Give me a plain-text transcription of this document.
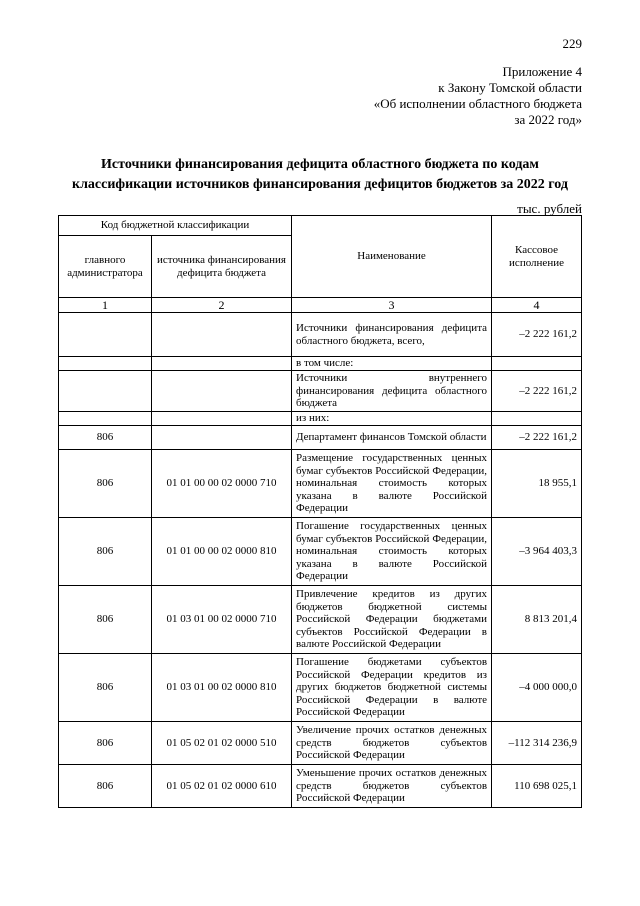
229
Приложение 4
к Закону Томской области
«Об исполнении областного бюджета
за 2022 год»
Источники финансирования дефицита областного бюджета по кодам
классификации источников финансирования дефицитов бюджетов за 2022 год
тыс. рублей
Код бюджетной классификации		Наименование	Кассовое исполнение
главного администратора	источника финансирования дефицита бюджета		
1	2	3	4
		Источники финансирования дефицита областного бюджета, всего,	–2 222 161,2
		в том числе:	
		Источники внутреннего финансирования дефицита областного бюджета	–2 222 161,2
		из них:	
806		Департамент финансов Томской области	–2 222 161,2
806	01 01 00 00 02 0000 710	Размещение государственных ценных бумаг субъектов Российской Федерации, номинальная стоимость которых указана в валюте Российской Федерации	18 955,1
806	01 01 00 00 02 0000 810	Погашение государственных ценных бумаг субъектов Российской Федерации, номинальная стоимость которых указана в валюте Российской Федерации	–3 964 403,3
806	01 03 01 00 02 0000 710	Привлечение кредитов из других бюджетов бюджетной системы Российской Федерации бюджетами субъектов Российской Федерации в валюте Российской Федерации	8 813 201,4
806	01 03 01 00 02 0000 810	Погашение бюджетами субъектов Российской Федерации кредитов из других бюджетов бюджетной системы Российской Федерации в валюте Российской Федерации	–4 000 000,0
806	01 05 02 01 02 0000 510	Увеличение прочих остатков денежных средств бюджетов субъектов Российской Федерации	–112 314 236,9
806	01 05 02 01 02 0000 610	Уменьшение прочих остатков денежных средств бюджетов субъектов Российской Федерации	110 698 025,1
